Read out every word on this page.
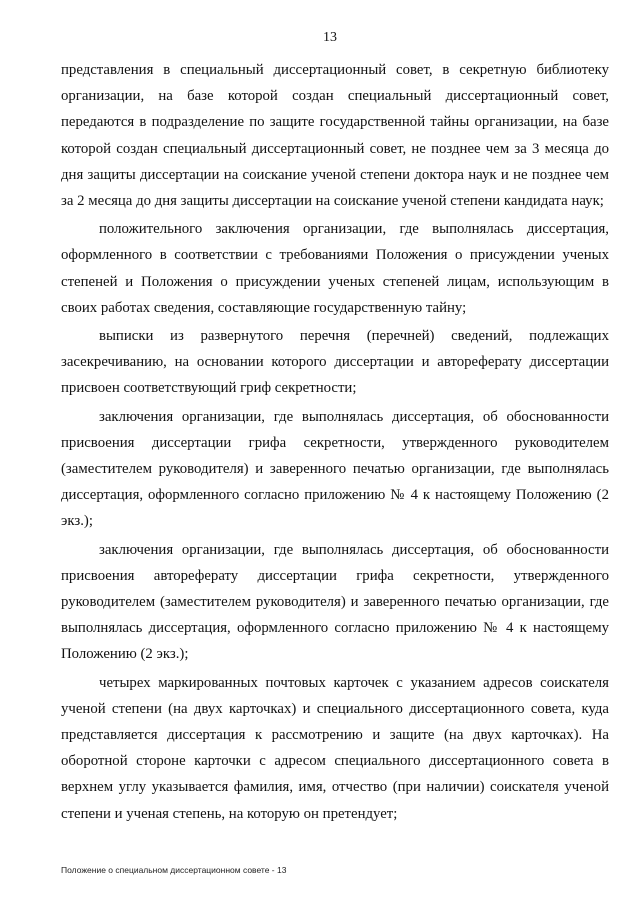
13

представления в специальный диссертационный совет, в секретную библиотеку организации, на базе которой создан специальный диссертационный совет, передаются в подразделение по защите государственной тайны организации, на базе которой создан специальный диссертационный совет, не позднее чем за 3 месяца до дня защиты диссертации на соискание ученой степени доктора наук и не позднее чем за 2 месяца до дня защиты диссертации на соискание ученой степени кандидата наук;

положительного заключения организации, где выполнялась диссертация, оформленного в соответствии с требованиями Положения о присуждении ученых степеней и Положения о присуждении ученых степеней лицам, использующим в своих работах сведения, составляющие государственную тайну;

выписки из развернутого перечня (перечней) сведений, подлежащих засекречиванию, на основании которого диссертации и автореферату диссертации присвоен соответствующий гриф секретности;

заключения организации, где выполнялась диссертация, об обоснованности присвоения диссертации грифа секретности, утвержденного руководителем (заместителем руководителя) и заверенного печатью организации, где выполнялась диссертация, оформленного согласно приложению № 4 к настоящему Положению (2 экз.);

заключения организации, где выполнялась диссертация, об обоснованности присвоения автореферату диссертации грифа секретности, утвержденного руководителем (заместителем руководителя) и заверенного печатью организации, где выполнялась диссертация, оформленного согласно приложению № 4 к настоящему Положению (2 экз.);

четырех маркированных почтовых карточек с указанием адресов соискателя ученой степени (на двух карточках) и специального диссертационного совета, куда представляется диссертация к рассмотрению и защите (на двух карточках). На оборотной стороне карточки с адресом специального диссертационного совета в верхнем углу указывается фамилия, имя, отчество (при наличии) соискателя ученой степени и ученая степень, на которую он претендует;

Положение о специальном диссертационном совете - 13
